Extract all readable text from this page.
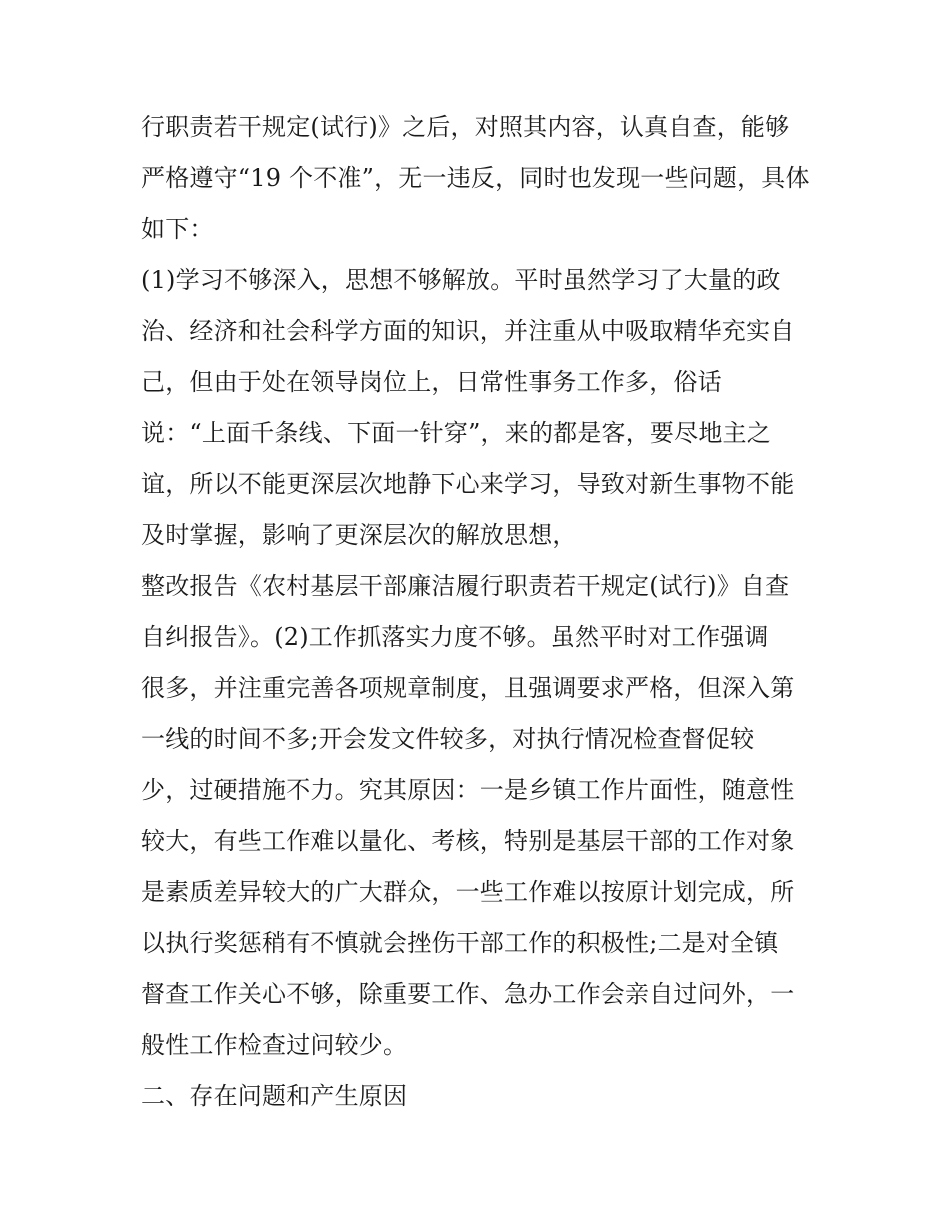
行职责若干规定(试行)》之后，对照其内容，认真自查，能够
严格遵守“19 个不准”，无一违反，同时也发现一些问题，具体
如下：
(1)学习不够深入，思想不够解放。平时虽然学习了大量的政
治、经济和社会科学方面的知识，并注重从中吸取精华充实自
己，但由于处在领导岗位上，日常性事务工作多，俗话
说：“上面千条线、下面一针穿”，来的都是客，要尽地主之
谊，所以不能更深层次地静下心来学习，导致对新生事物不能
及时掌握，影响了更深层次的解放思想，
整改报告《农村基层干部廉洁履行职责若干规定(试行)》自查
自纠报告》。(2)工作抓落实力度不够。虽然平时对工作强调
很多，并注重完善各项规章制度，且强调要求严格，但深入第
一线的时间不多;开会发文件较多，对执行情况检查督促较
少，过硬措施不力。究其原因：一是乡镇工作片面性，随意性
较大，有些工作难以量化、考核，特别是基层干部的工作对象
是素质差异较大的广大群众，一些工作难以按原计划完成，所
以执行奖惩稍有不慎就会挫伤干部工作的积极性;二是对全镇
督查工作关心不够，除重要工作、急办工作会亲自过问外，一
般性工作检查过问较少。
二、存在问题和产生原因
